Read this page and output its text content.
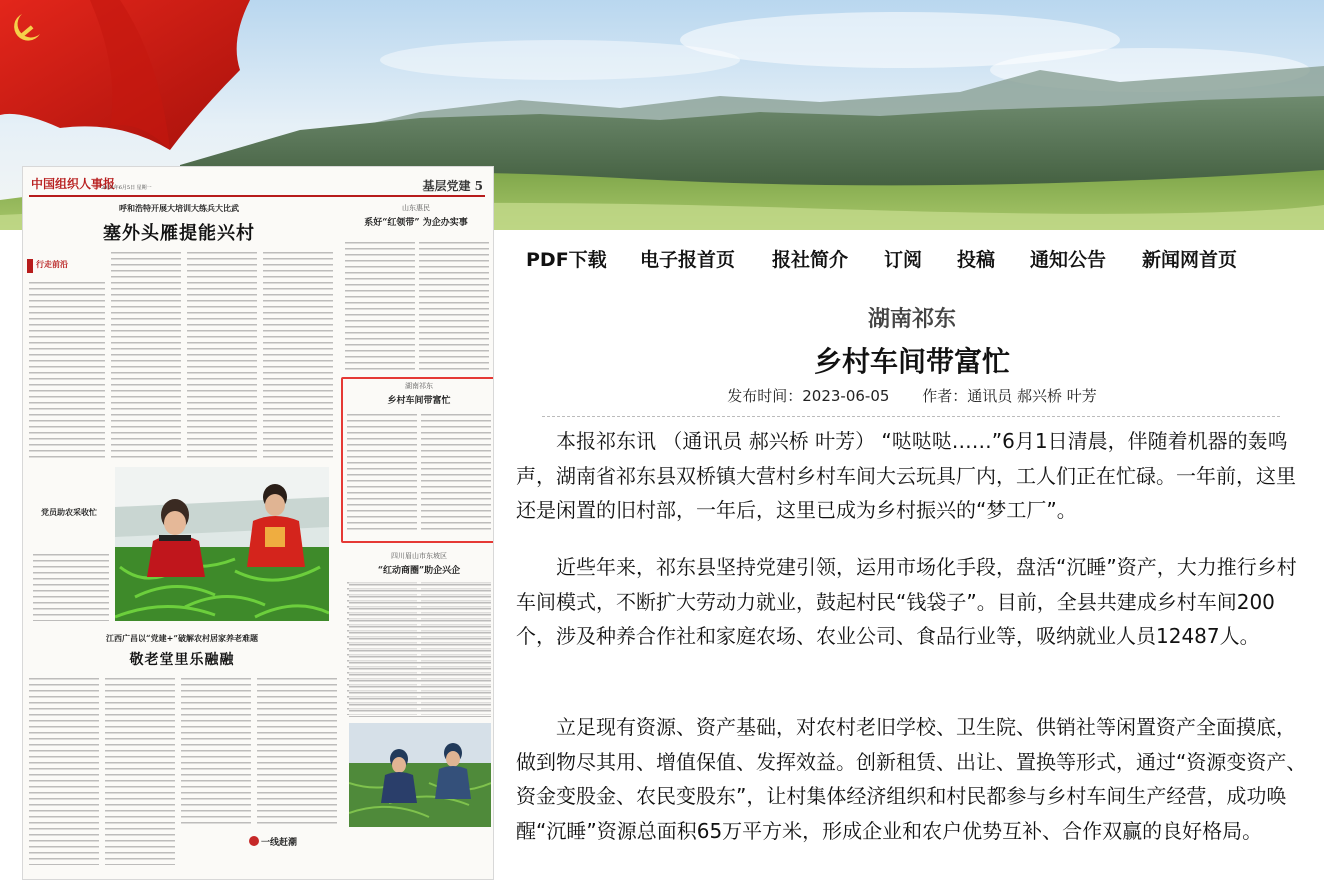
中国组织人事报
2023年6月5日 星期一	基层党建 5
呼和浩特开展大培训大练兵大比武
塞外头雁提能兴村
山东惠民
系好“红领带” 为企办实事
行走前沿
湖南祁东
乡村车间带富忙
四川眉山市东坡区
“红动商圈”助企兴企
党员助农采收忙
江西广昌以“党建+”破解农村居家养老难题
敬老堂里乐融融
一线赶潮
PDF下载 电子报首页 报社简介 订阅 投稿 通知公告 新闻网首页
湖南祁东
乡村车间带富忙
发布时间：2023-06-05 作者：通讯员 郝兴桥 叶芳

本报祁东讯 （通讯员 郝兴桥 叶芳） “哒哒哒……”6月1日清晨，伴随着机器的轰鸣声，湖南省祁东县双桥镇大营村乡村车间大云玩具厂内，工人们正在忙碌。一年前，这里还是闲置的旧村部，一年后，这里已成为乡村振兴的“梦工厂”。

近些年来，祁东县坚持党建引领，运用市场化手段，盘活“沉睡”资产，大力推行乡村车间模式，不断扩大劳动力就业，鼓起村民“钱袋子”。目前，全县共建成乡村车间200个，涉及种养合作社和家庭农场、农业公司、食品行业等，吸纳就业人员12487人。

立足现有资源、资产基础，对农村老旧学校、卫生院、供销社等闲置资产全面摸底，做到物尽其用、增值保值、发挥效益。创新租赁、出让、置换等形式，通过“资源变资产、资金变股金、农民变股东”，让村集体经济组织和村民都参与乡村车间生产经营，成功唤醒“沉睡”资源总面积65万平方米，形成企业和农户优势互补、合作双赢的良好格局。
